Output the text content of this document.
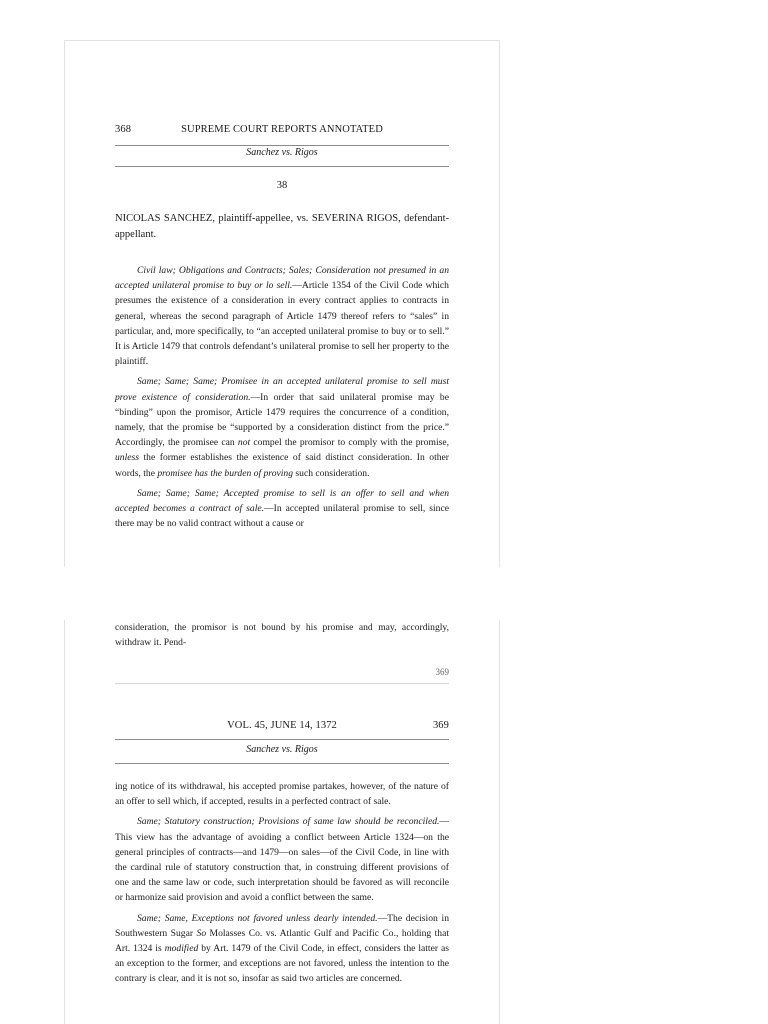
368	SUPREME COURT REPORTS ANNOTATED
Sanchez vs. Rigos
38
NICOLAS SANCHEZ, plaintiff-appellee, vs. SEVERINA RIGOS, defendant-appellant.

Civil law; Obligations and Contracts; Sales; Consideration not presumed in an accepted unilateral promise to buy or lo sell.—Article 1354 of the Civil Code which presumes the existence of a consideration in every contract applies to contracts in general, whereas the second paragraph of Article 1479 thereof refers to “sales” in particular, and, more specifically, to “an accepted unilateral promise to buy or to sell.” It is Article 1479 that controls defendant’s unilateral promise to sell her property to the plaintiff.

Same; Same; Same; Promisee in an accepted unilateral promise to sell must prove existence of consideration.—In order that said unilateral promise may be “binding” upon the promisor, Article 1479 requires the concurrence of a condition, namely, that the promise be “supported by a consideration distinct from the price.” Accordingly, the promisee can not compel the promisor to comply with the promise, unless the former establishes the existence of said distinct consideration. In other words, the promisee has the burden of proving such consideration.

Same; Same; Same; Accepted promise to sell is an offer to sell and when accepted becomes a contract of sale.—In accepted unilateral promise to sell, since there may be no valid contract without a cause or

consideration, the promisor is not bound by his promise and may, accordingly, withdraw it. Pend-

369
VOL. 45, JUNE 14, 1372	369
Sanchez vs. Rigos

ing notice of its withdrawal, his accepted promise partakes, however, of the nature of an offer to sell which, if accepted, results in a perfected contract of sale.

Same; Statutory construction; Provisions of same law should be reconciled.—This view has the advantage of avoiding a conflict between Article 1324—on the general principles of contracts—and 1479—on sales—of the Civil Code, in line with the cardinal rule of statutory construction that, in construing different provisions of one and the same law or code, such interpretation should be favored as will reconcile or harmonize said provision and avoid a conflict between the same.

Same; Same, Exceptions not favored unless dearly intended.—The decision in Southwestern Sugar So Molasses Co. vs. Atlantic Gulf and Pacific Co., holding that Art. 1324 is modified by Art. 1479 of the Civil Code, in effect, considers the latter as an exception to the former, and exceptions are not favored, unless the intention to the contrary is clear, and it is not so, insofar as said two articles are concerned.
